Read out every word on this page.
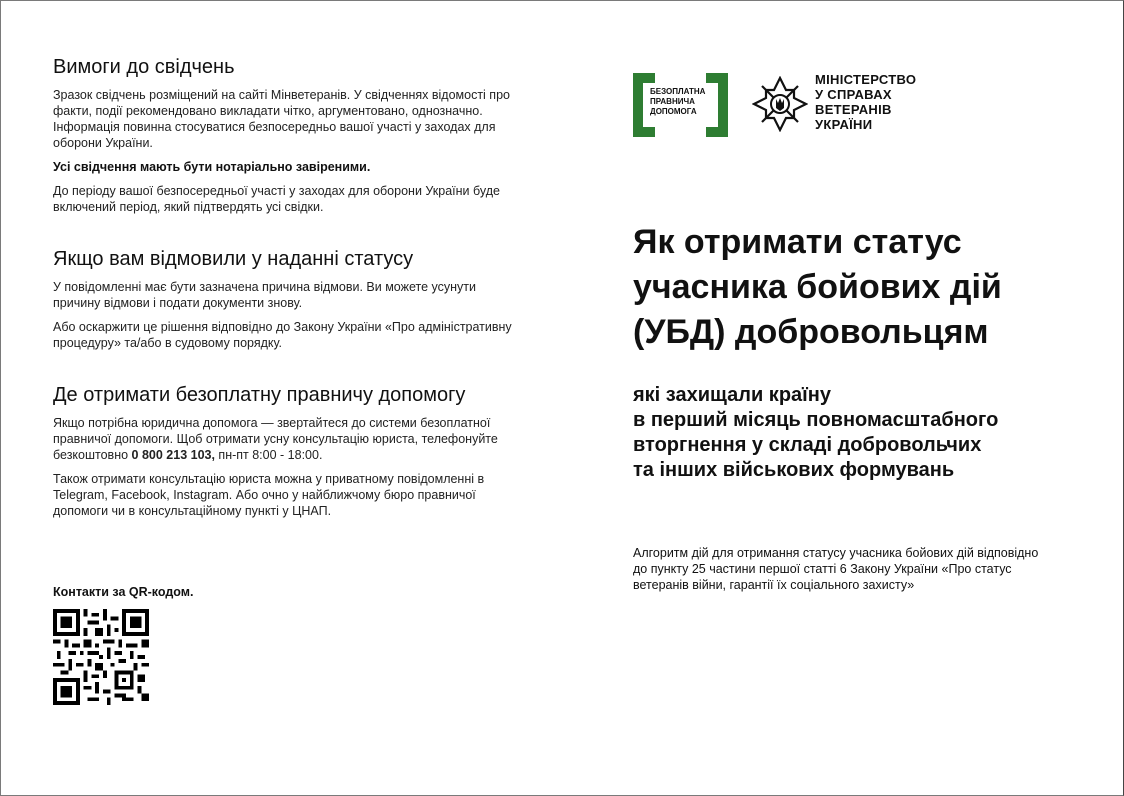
Вимоги до свідчень

Зразок свідчень розміщений на сайті Мінветеранів. У свідченнях відомості про факти, події рекомендовано викладати чітко, аргументовано, однозначно. Інформація повинна стосуватися безпосередньо вашої участі у заходах для оборони України.

Усі свідчення мають бути нотаріально завіреними.

До періоду вашої безпосередньої участі у заходах для оборони України буде включений період, який підтвердять усі свідки.

Якщо вам відмовили у наданні статусу

У повідомленні має бути зазначена причина відмови. Ви можете усунути причину відмови і подати документи знову.

Або оскаржити це рішення відповідно до Закону України «Про адміністративну процедуру» та/або в судовому порядку.

Де отримати безоплатну правничу допомогу

Якщо потрібна юридична допомога — звертайтеся до системи безоплатної правничої допомоги. Щоб отримати усну консультацію юриста, телефонуйте безкоштовно 0 800 213 103, пн-пт 8:00 - 18:00.

Також отримати консультацію юриста можна у приватному повідомленні в Telegram, Facebook, Instagram. Або очно у найближчому бюро правничої допомоги чи в консультаційному пункті у ЦНАП.

Контакти за QR-кодом.
БЕЗОПЛАТНА ПРАВНИЧА ДОПОМОГА
МІНІСТЕРСТВО
У СПРАВАХ
ВЕТЕРАНІВ
УКРАЇНИ
Як отримати статус
учасника бойових дій
(УБД) добровольцям
які захищали країну
в перший місяць повномасштабного
вторгнення у складі добровольчих
та інших військових формувань

Алгоритм дій для отримання статусу учасника бойових дій відповідно до пункту 25 частини першої статті 6 Закону України «Про статус ветеранів війни, гарантії їх соціального захисту»
